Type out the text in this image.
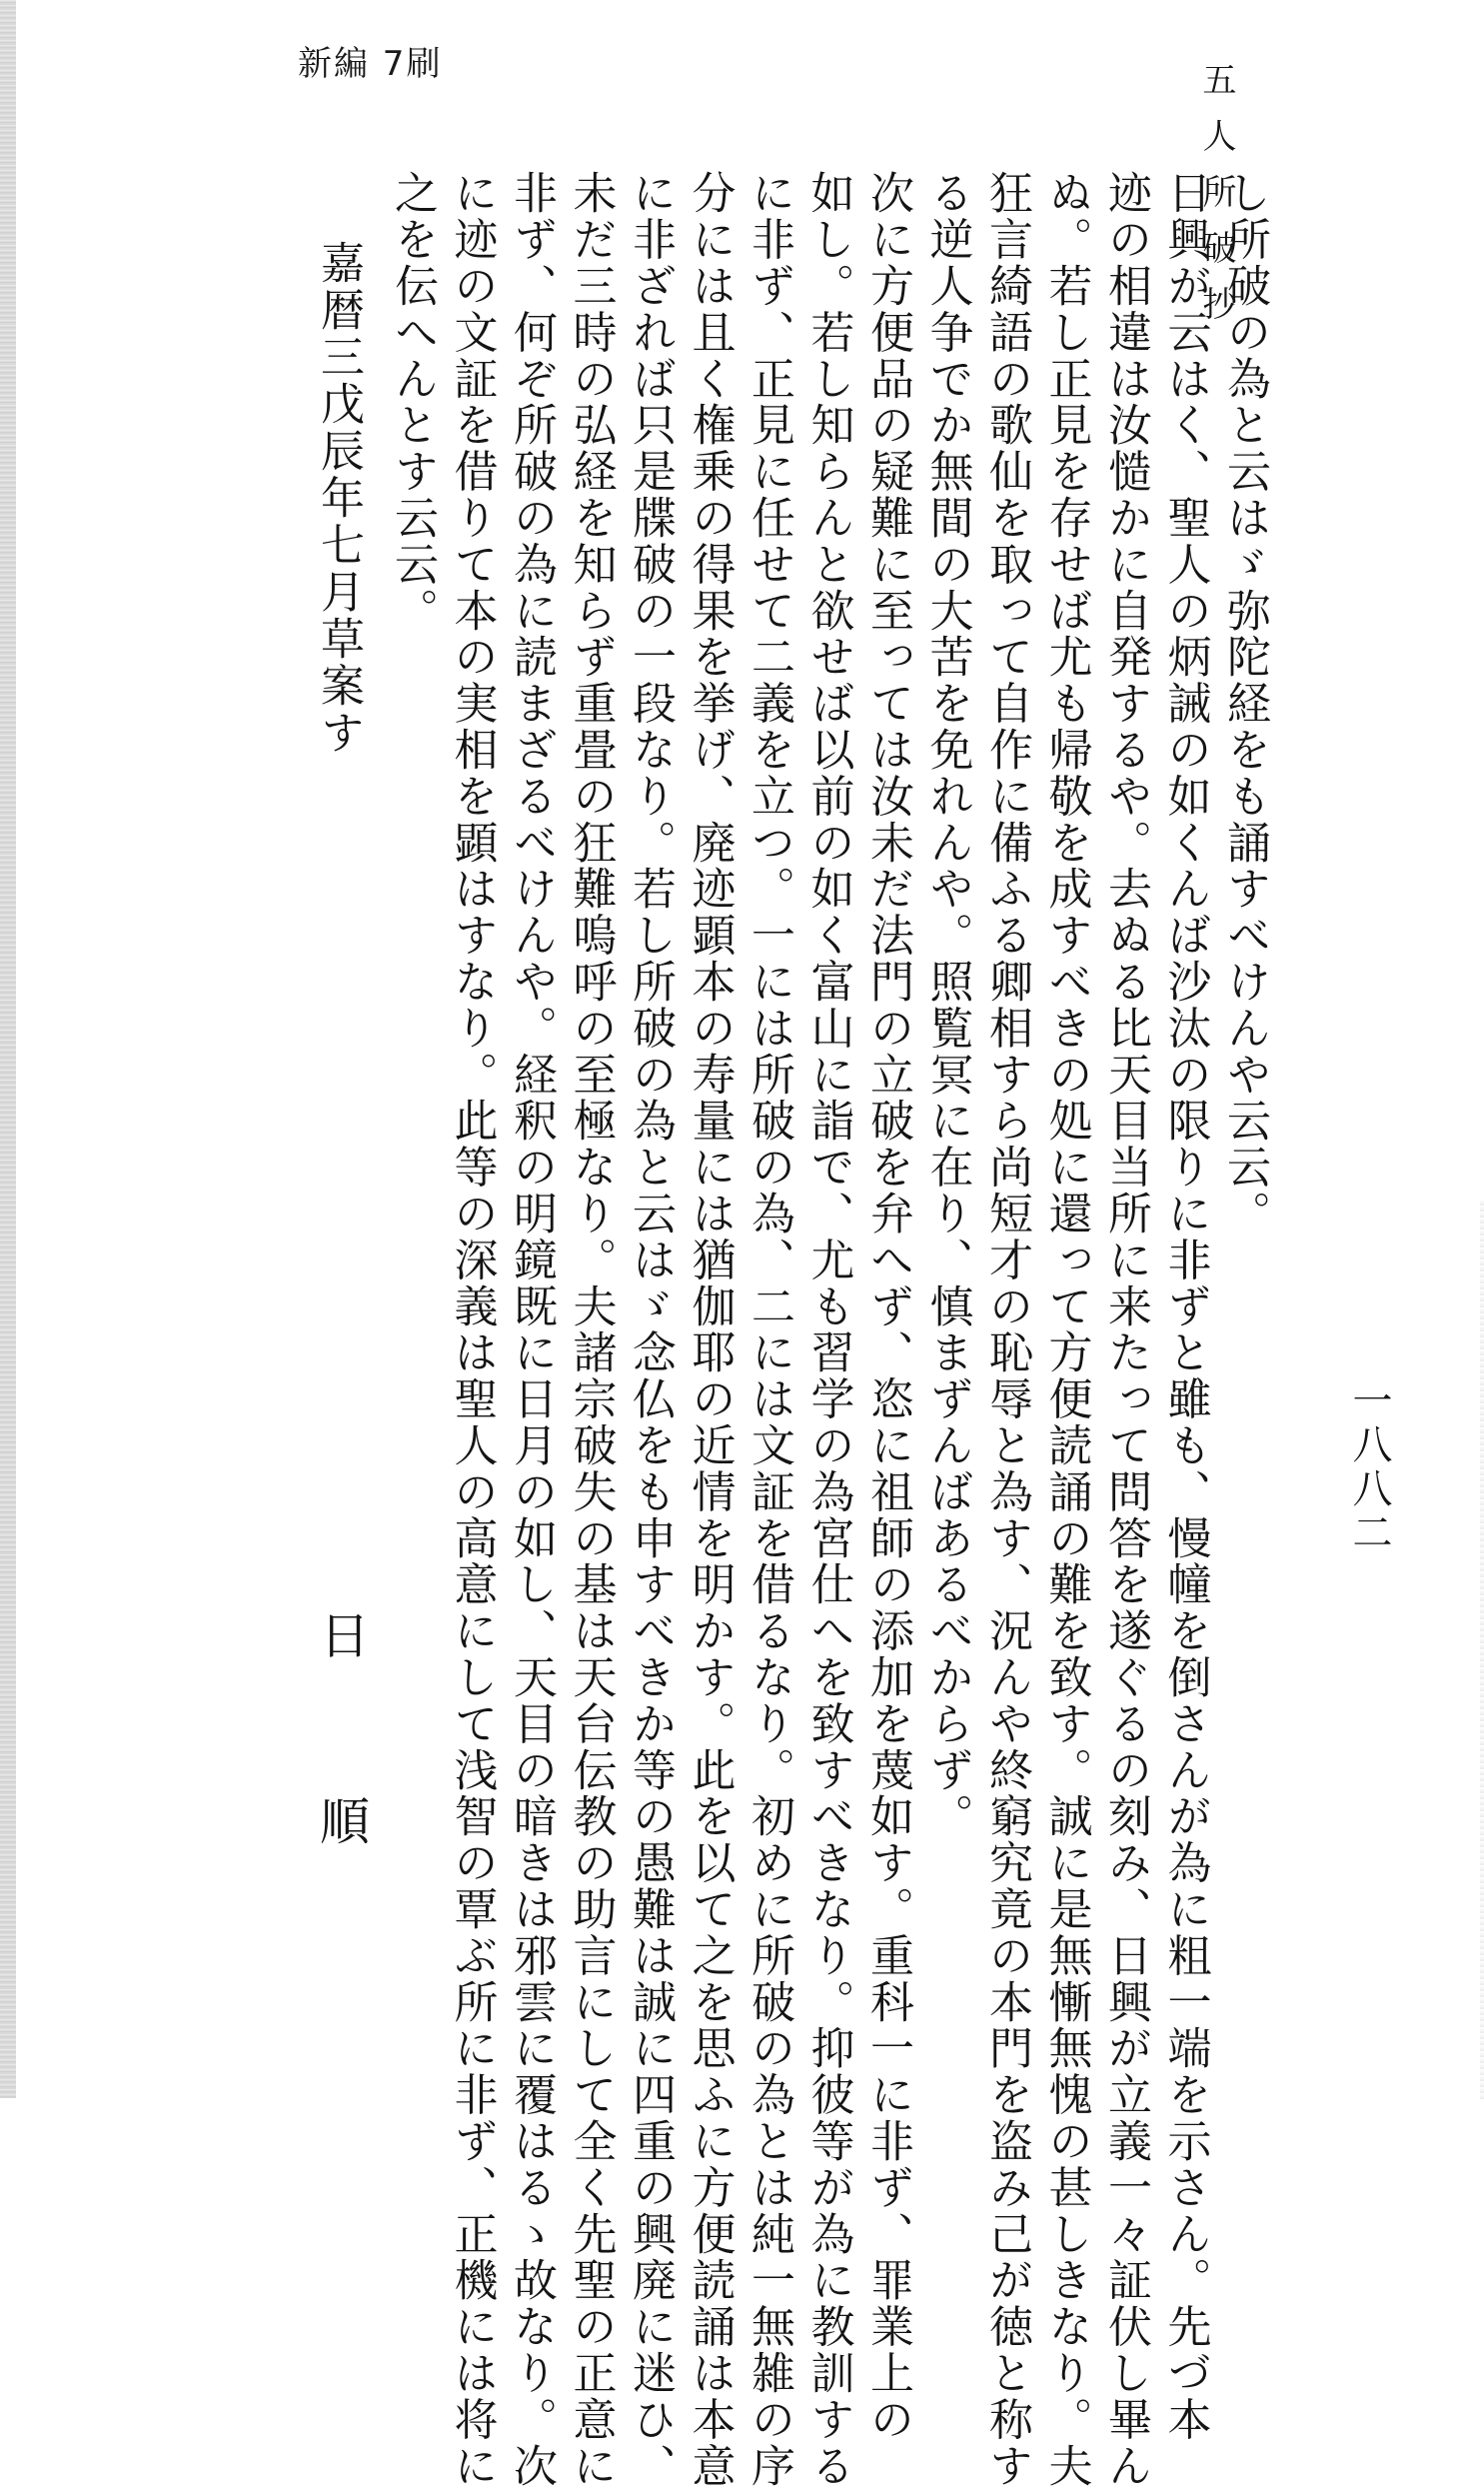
新編 7刷	五人所破抄
一八八二
し所破の為と云はゞ弥陀経をも誦すべけんや云云。
日興が云はく、聖人の炳誡の如くんば沙汰の限りに非ずと雖も、慢幢を倒さんが為に粗一端を示さん。先づ本
迹の相違は汝慥かに自発するや。去ぬる比天目当所に来たって問答を遂ぐるの刻み、日興が立義一々証伏し畢ん
ぬ。若し正見を存せば尤も帰敬を成すべきの処に還って方便読誦の難を致す。誠に是無慚無愧の甚しきなり。夫
狂言綺語の歌仙を取って自作に備ふる卿相すら尚短才の恥辱と為す、況んや終窮究竟の本門を盗み己が徳と称す
る逆人争でか無間の大苦を免れんや。照覧冥に在り、慎まずんばあるべからず。
次に方便品の疑難に至っては汝未だ法門の立破を弁へず、恣に祖師の添加を蔑如す。重科一に非ず、罪業上の
如し。若し知らんと欲せば以前の如く富山に詣で、尤も習学の為宮仕へを致すべきなり。抑彼等が為に教訓する
に非ず、正見に任せて二義を立つ。一には所破の為、二には文証を借るなり。初めに所破の為とは純一無雑の序
分には且く権乗の得果を挙げ、廃迹顕本の寿量には猶伽耶の近情を明かす。此を以て之を思ふに方便読誦は本意
に非ざれば只是牒破の一段なり。若し所破の為と云はゞ念仏をも申すべきか等の愚難は誠に四重の興廃に迷ひ、
未だ三時の弘経を知らず重畳の狂難嗚呼の至極なり。夫諸宗破失の基は天台伝教の助言にして全く先聖の正意に
非ず、何ぞ所破の為に読まざるべけんや。経釈の明鏡既に日月の如し、天目の暗きは邪雲に覆はるゝ故なり。次
に迹の文証を借りて本の実相を顕はすなり。此等の深義は聖人の高意にして浅智の覃ぶ所に非ず、正機には将に
之を伝へんとす云云。
嘉暦三戊辰年七月草案す
日 順
